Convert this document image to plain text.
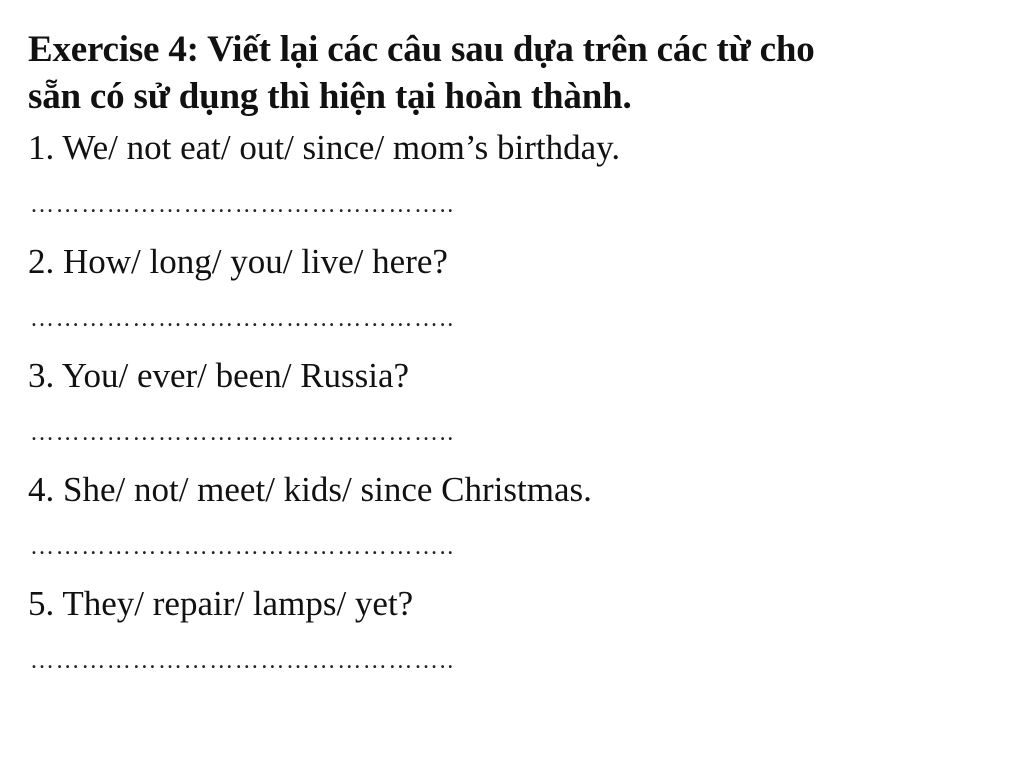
Exercise 4: Viết lại các câu sau dựa trên các từ cho
sẵn có sử dụng thì hiện tại hoàn thành.
1. We/ not eat/ out/ since/ mom’s birthday.
…………………………………………..
2. How/ long/ you/ live/ here?
…………………………………………..
3. You/ ever/ been/ Russia?
…………………………………………..
4. She/ not/ meet/ kids/ since Christmas.
…………………………………………..
5. They/ repair/ lamps/ yet?
…………………………………………..
